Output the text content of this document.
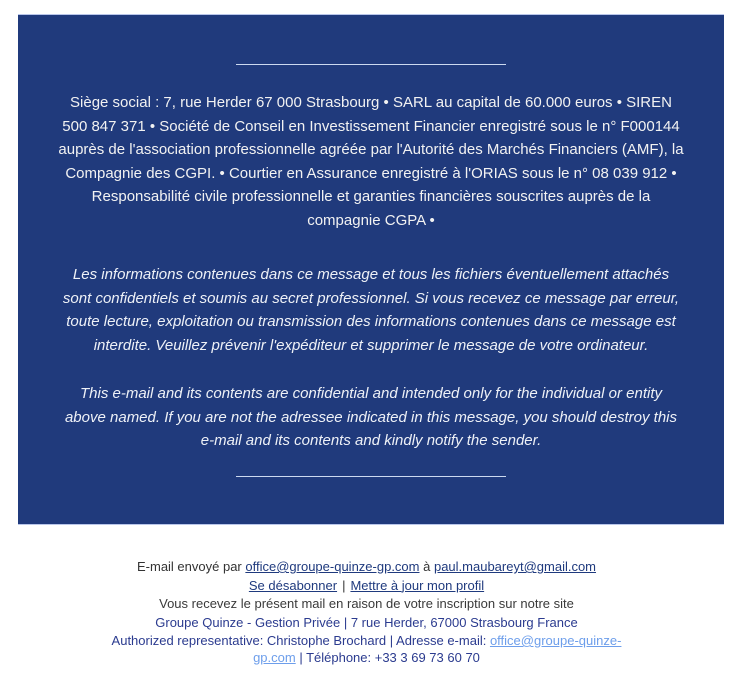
Siège social : 7, rue Herder 67 000 Strasbourg • SARL au capital de 60.000 euros • SIREN
500 847 371 • Société de Conseil en Investissement Financier enregistré sous le n° F000144
auprès de l'association professionnelle agréée par l'Autorité des Marchés Financiers (AMF), la
Compagnie des CGPI. • Courtier en Assurance enregistré à l'ORIAS sous le n° 08 039 912 •
Responsabilité civile professionnelle et garanties financières souscrites auprès de la
compagnie CGPA •
Les informations contenues dans ce message et tous les fichiers éventuellement attachés
sont confidentiels et soumis au secret professionnel. Si vous recevez ce message par erreur,
toute lecture, exploitation ou transmission des informations contenues dans ce message est
interdite. Veuillez prévenir l'expéditeur et supprimer le message de votre ordinateur.
This e-mail and its contents are confidential and intended only for the individual or entity
above named. If you are not the adressee indicated in this message, you should destroy this
e-mail and its contents and kindly notify the sender.

E-mail envoyé par office@groupe-quinze-gp.com à paul.maubareyt@gmail.com

Se désabonner | Mettre à jour mon profil

Vous recevez le présent mail en raison de votre inscription sur notre site

Groupe Quinze - Gestion Privée | 7 rue Herder, 67000 Strasbourg France

Authorized representative: Christophe Brochard | Adresse e-mail: office@groupe-quinze-gp.com | Téléphone: +33 3 69 73 60 70
